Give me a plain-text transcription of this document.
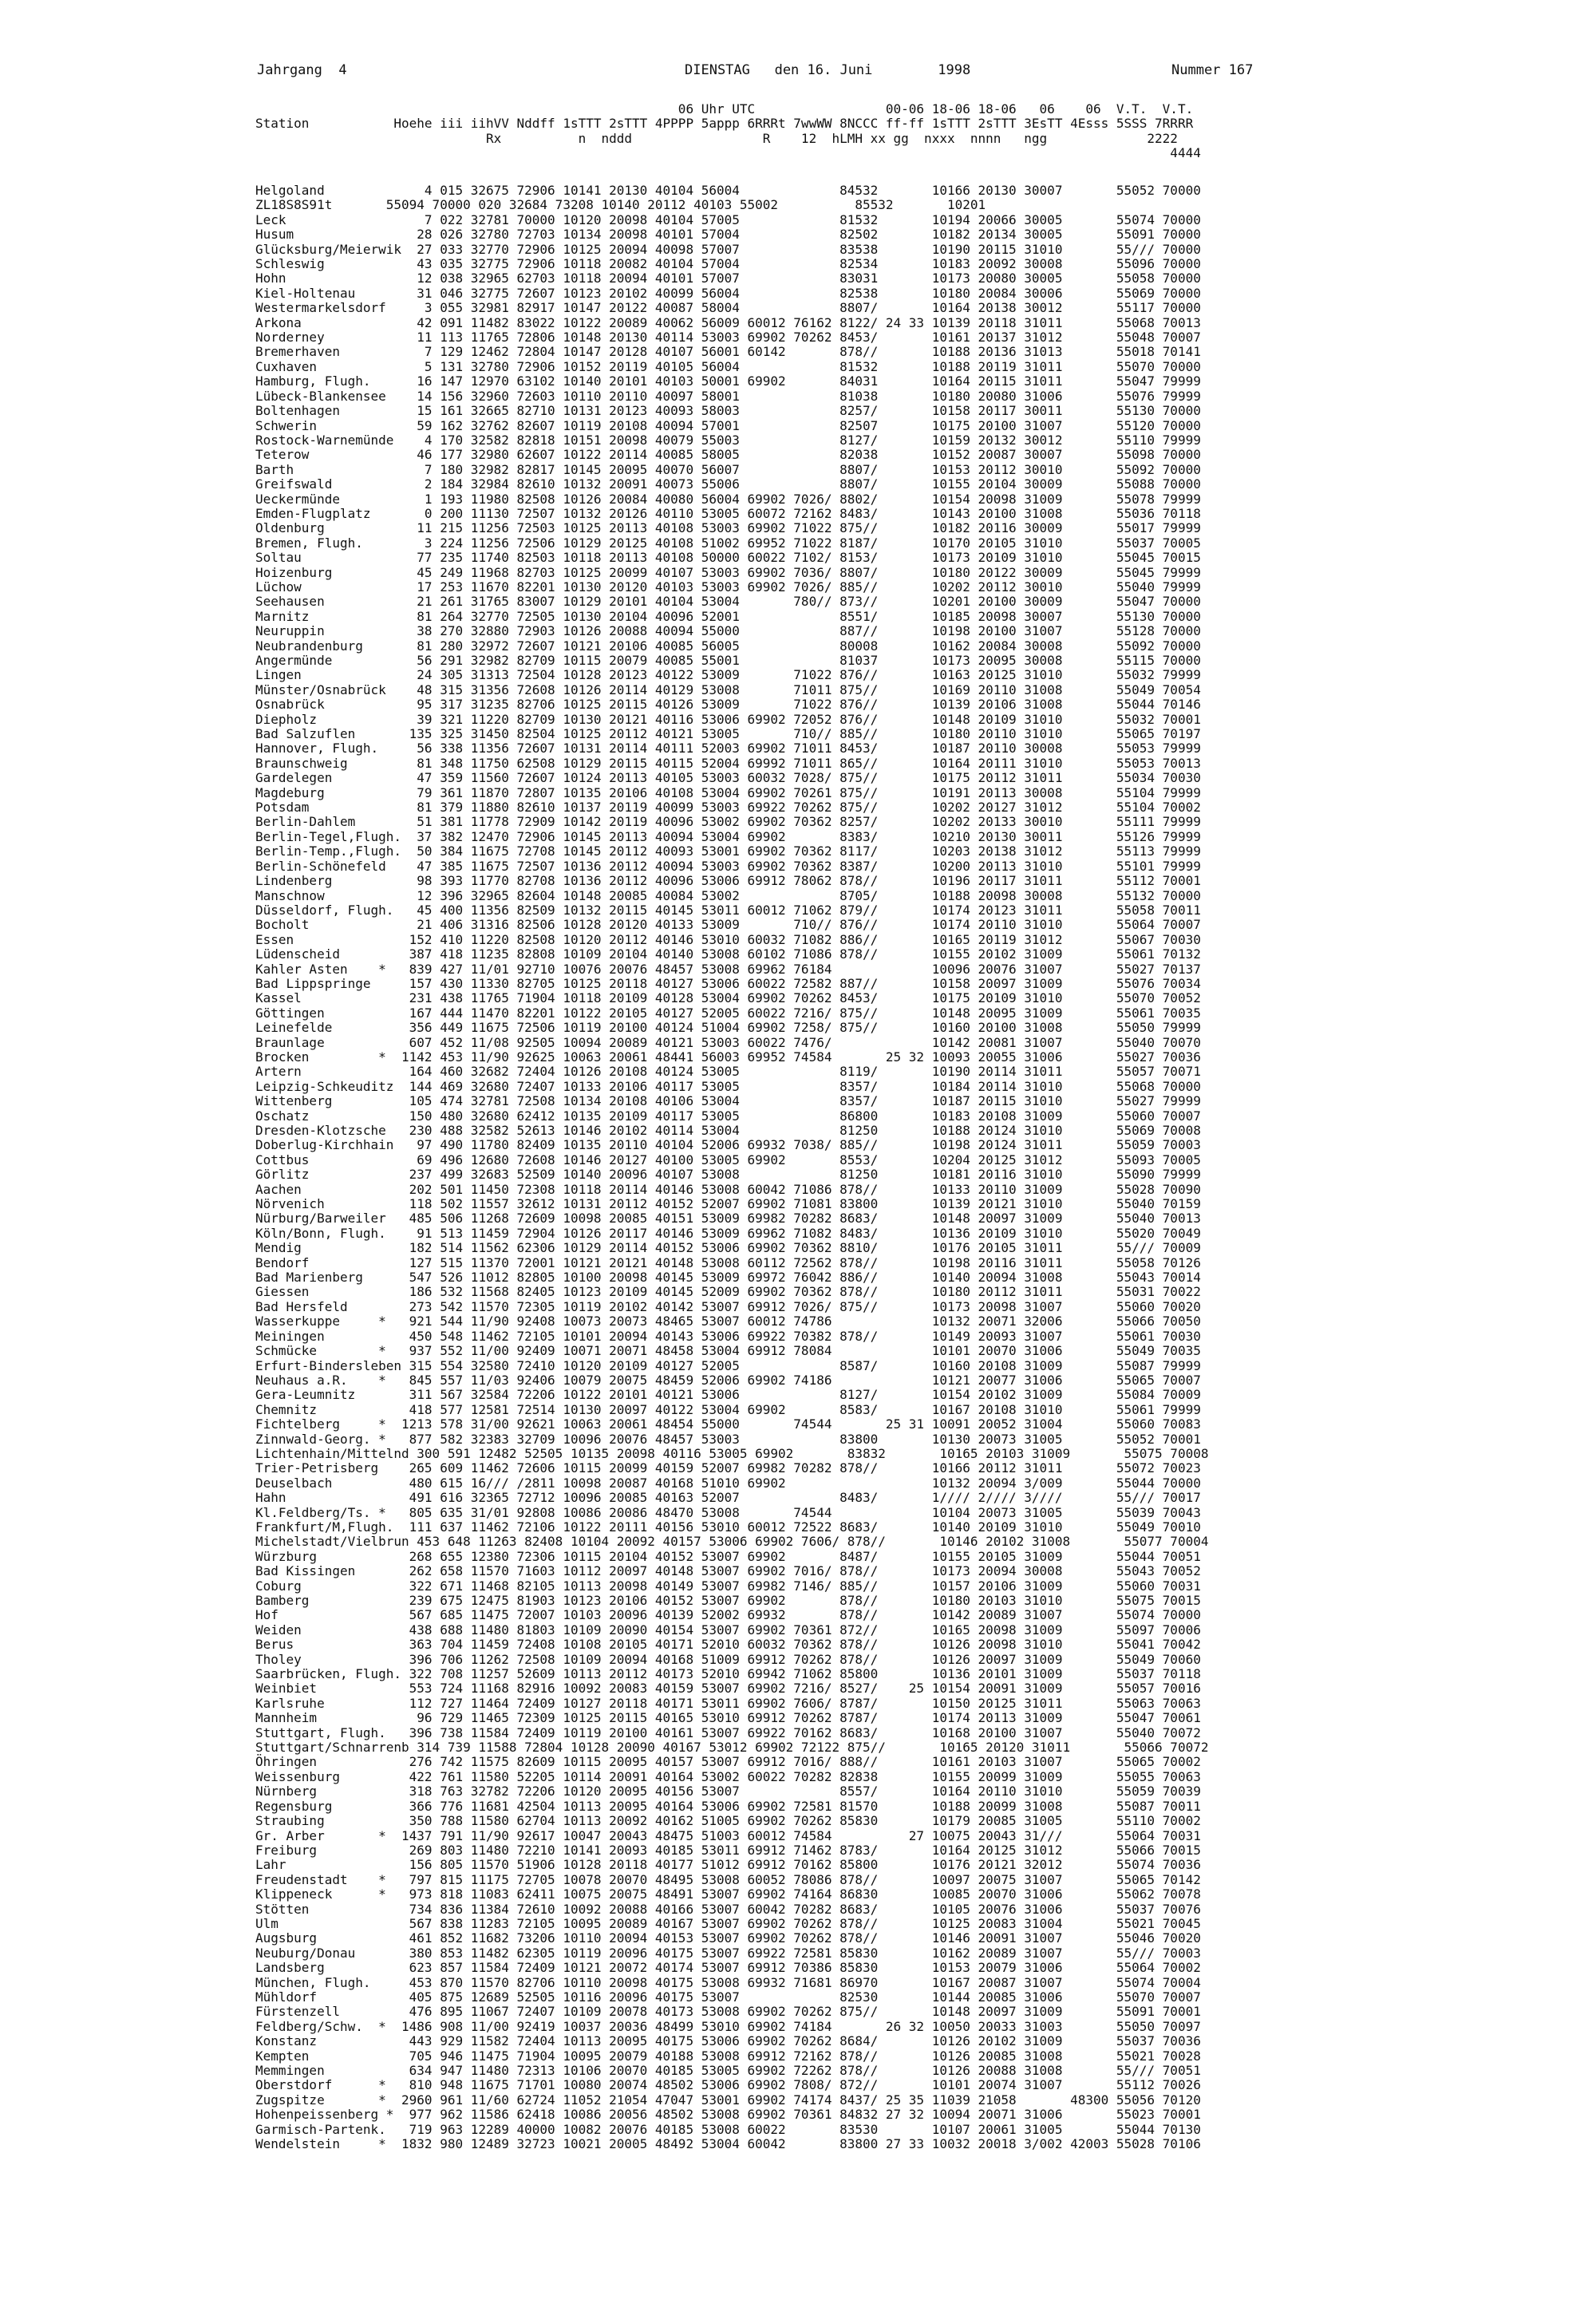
Jahrgang  4	DIENSTAG   den 16. Juni        1998	Nummer 167
06 Uhr UTC                 00-06 18-06 18-06   06    06  V.T.  V.T.
Station           Hoehe iii iihVV Nddff 1sTTT 2sTTT 4PPPP 5appp 6RRRt 7wwWW 8NCCC ff-ff 1sTTT 2sTTT 3EsTT 4Esss 5SSS 7RRRR
Rx          n  nddd                 R    12  hLMH xx gg  nxxx  nnnn   ngg             2222
4444
Helgoland             4 015 32675 72906 10141 20130 40104 56004             84532       10166 20130 30007       55052 70000
ZL18S8S91t       55094 70000 020 32684 73208 10140 20112 40103 55002          85532       10201
Leck                  7 022 32781 70000 10120 20098 40104 57005             81532       10194 20066 30005       55074 70000
Husum                28 026 32780 72703 10134 20098 40101 57004             82502       10182 20134 30005       55091 70000
Glücksburg/Meierwik  27 033 32770 72906 10125 20094 40098 57007             83538       10190 20115 31010       55/// 70000
Schleswig            43 035 32775 72906 10118 20082 40104 57004             82534       10183 20092 30008       55096 70000
Hohn                 12 038 32965 62703 10118 20094 40101 57007             83031       10173 20080 30005       55058 70000
Kiel-Holtenau        31 046 32775 72607 10123 20102 40099 56004             82538       10180 20084 30006       55069 70000
Westermarkelsdorf     3 055 32981 82917 10147 20122 40087 58004             8807/       10164 20138 30012       55117 70000
Arkona               42 091 11482 83022 10122 20089 40062 56009 60012 76162 8122/ 24 33 10139 20118 31011       55068 70013
Norderney            11 113 11765 72806 10148 20130 40114 53003 69902 70262 8453/       10161 20137 31012       55048 70007
Bremerhaven           7 129 12462 72804 10147 20128 40107 56001 60142       878//       10188 20136 31013       55018 70141
Cuxhaven              5 131 32780 72906 10152 20119 40105 56004             81532       10188 20119 31011       55070 70000
Hamburg, Flugh.      16 147 12970 63102 10140 20101 40103 50001 69902       84031       10164 20115 31011       55047 79999
Lübeck-Blankensee    14 156 32960 72603 10110 20110 40097 58001             81038       10180 20080 31006       55076 79999
Boltenhagen          15 161 32665 82710 10131 20123 40093 58003             8257/       10158 20117 30011       55130 70000
Schwerin             59 162 32762 82607 10119 20108 40094 57001             82507       10175 20100 31007       55120 70000
Rostock-Warnemünde    4 170 32582 82818 10151 20098 40079 55003             8127/       10159 20132 30012       55110 79999
Teterow              46 177 32980 62607 10122 20114 40085 58005             82038       10152 20087 30007       55098 70000
Barth                 7 180 32982 82817 10145 20095 40070 56007             8807/       10153 20112 30010       55092 70000
Greifswald            2 184 32984 82610 10132 20091 40073 55006             8807/       10155 20104 30009       55088 70000
Ueckermünde           1 193 11980 82508 10126 20084 40080 56004 69902 7026/ 8802/       10154 20098 31009       55078 79999
Emden-Flugplatz       0 200 11130 72507 10132 20126 40110 53005 60072 72162 8483/       10143 20100 31008       55036 70118
Oldenburg            11 215 11256 72503 10125 20113 40108 53003 69902 71022 875//       10182 20116 30009       55017 79999
Bremen, Flugh.        3 224 11256 72506 10129 20125 40108 51002 69952 71022 8187/       10170 20105 31010       55037 70005
Soltau               77 235 11740 82503 10118 20113 40108 50000 60022 7102/ 8153/       10173 20109 31010       55045 70015
Hoizenburg           45 249 11968 82703 10125 20099 40107 53003 69902 7036/ 8807/       10180 20122 30009       55045 79999
Lüchow               17 253 11670 82201 10130 20120 40103 53003 69902 7026/ 885//       10202 20112 30010       55040 79999
Seehausen            21 261 31765 83007 10129 20101 40104 53004       780// 873//       10201 20100 30009       55047 70000
Marnitz              81 264 32770 72505 10130 20104 40096 52001             8551/       10185 20098 30007       55130 70000
Neuruppin            38 270 32880 72903 10126 20088 40094 55000             887//       10198 20100 31007       55128 70000
Neubrandenburg       81 280 32972 72607 10121 20106 40085 56005             80008       10162 20084 30008       55092 70000
Angermünde           56 291 32982 82709 10115 20079 40085 55001             81037       10173 20095 30008       55115 70000
Lingen               24 305 31313 72504 10128 20123 40122 53009       71022 876//       10163 20125 31010       55032 79999
Münster/Osnabrück    48 315 31356 72608 10126 20114 40129 53008       71011 875//       10169 20110 31008       55049 70054
Osnabrück            95 317 31235 82706 10125 20115 40126 53009       71022 876//       10139 20106 31008       55044 70146
Diepholz             39 321 11220 82709 10130 20121 40116 53006 69902 72052 876//       10148 20109 31010       55032 70001
Bad Salzuflen       135 325 31450 82504 10125 20112 40121 53005       710// 885//       10180 20110 31010       55065 70197
Hannover, Flugh.     56 338 11356 72607 10131 20114 40111 52003 69902 71011 8453/       10187 20110 30008       55053 79999
Braunschweig         81 348 11750 62508 10129 20115 40115 52004 69992 71011 865//       10164 20111 31010       55053 70013
Gardelegen           47 359 11560 72607 10124 20113 40105 53003 60032 7028/ 875//       10175 20112 31011       55034 70030
Magdeburg            79 361 11870 72807 10135 20106 40108 53004 69902 70261 875//       10191 20113 30008       55104 79999
Potsdam              81 379 11880 82610 10137 20119 40099 53003 69922 70262 875//       10202 20127 31012       55104 70002
Berlin-Dahlem        51 381 11778 72909 10142 20119 40096 53002 69902 70362 8257/       10202 20133 30010       55111 79999
Berlin-Tegel,Flugh.  37 382 12470 72906 10145 20113 40094 53004 69902       8383/       10210 20130 30011       55126 79999
Berlin-Temp.,Flugh.  50 384 11675 72708 10145 20112 40093 53001 69902 70362 8117/       10203 20138 31012       55113 79999
Berlin-Schönefeld    47 385 11675 72507 10136 20112 40094 53003 69902 70362 8387/       10200 20113 31010       55101 79999
Lindenberg           98 393 11770 82708 10136 20112 40096 53006 69912 78062 878//       10196 20117 31011       55112 70001
Manschnow            12 396 32965 82604 10148 20085 40084 53002             8705/       10188 20098 30008       55132 70000
Düsseldorf, Flugh.   45 400 11356 82509 10132 20115 40145 53011 60012 71062 879//       10174 20123 31011       55058 70011
Bocholt              21 406 31316 82506 10128 20120 40133 53009       710// 876//       10174 20110 31010       55064 70007
Essen               152 410 11220 82508 10120 20112 40146 53010 60032 71082 886//       10165 20119 31012       55067 70030
Lüdenscheid         387 418 11235 82808 10109 20104 40140 53008 60102 71086 878//       10155 20102 31009       55061 70132
Kahler Asten    *   839 427 11/01 92710 10076 20076 48457 53008 69962 76184             10096 20076 31007       55027 70137
Bad Lippspringe     157 430 11330 82705 10125 20118 40127 53006 60022 72582 887//       10158 20097 31009       55076 70034
Kassel              231 438 11765 71904 10118 20109 40128 53004 69902 70262 8453/       10175 20109 31010       55070 70052
Göttingen           167 444 11470 82201 10122 20105 40127 52005 60022 7216/ 875//       10148 20095 31009       55061 70035
Leinefelde          356 449 11675 72506 10119 20100 40124 51004 69902 7258/ 875//       10160 20100 31008       55050 79999
Braunlage           607 452 11/08 92505 10094 20089 40121 53003 60022 7476/             10142 20081 31007       55040 70070
Brocken         *  1142 453 11/90 92625 10063 20061 48441 56003 69952 74584       25 32 10093 20055 31006       55027 70036
Artern              164 460 32682 72404 10126 20108 40124 53005             8119/       10190 20114 31011       55057 70071
Leipzig-Schkeuditz  144 469 32680 72407 10133 20106 40117 53005             8357/       10184 20114 31010       55068 70000
Wittenberg          105 474 32781 72508 10134 20108 40106 53004             8357/       10187 20115 31010       55027 79999
Oschatz             150 480 32680 62412 10135 20109 40117 53005             86800       10183 20108 31009       55060 70007
Dresden-Klotzsche   230 488 32582 52613 10146 20102 40114 53004             81250       10188 20124 31010       55069 70008
Doberlug-Kirchhain   97 490 11780 82409 10135 20110 40104 52006 69932 7038/ 885//       10198 20124 31011       55059 70003
Cottbus              69 496 12680 72608 10146 20127 40100 53005 69902       8553/       10204 20125 31012       55093 70005
Görlitz             237 499 32683 52509 10140 20096 40107 53008             81250       10181 20116 31010       55090 79999
Aachen              202 501 11450 72308 10118 20114 40146 53008 60042 71086 878//       10133 20110 31009       55028 70090
Nörvenich           118 502 11557 32612 10131 20112 40152 52007 69902 71081 83800       10139 20121 31010       55040 70159
Nürburg/Barweiler   485 506 11268 72609 10098 20085 40151 53009 69982 70282 8683/       10148 20097 31009       55040 70013
Köln/Bonn, Flugh.    91 513 11459 72904 10126 20117 40146 53009 69962 71082 8483/       10136 20109 31010       55020 70049
Mendig              182 514 11562 62306 10129 20114 40152 53006 69902 70362 8810/       10176 20105 31011       55/// 70009
Bendorf             127 515 11370 72001 10121 20121 40148 53008 60112 72562 878//       10198 20116 31011       55058 70126
Bad Marienberg      547 526 11012 82805 10100 20098 40145 53009 69972 76042 886//       10140 20094 31008       55043 70014
Giessen             186 532 11568 82405 10123 20109 40145 52009 69902 70362 878//       10180 20112 31011       55031 70022
Bad Hersfeld        273 542 11570 72305 10119 20102 40142 53007 69912 7026/ 875//       10173 20098 31007       55060 70020
Wasserkuppe     *   921 544 11/90 92408 10073 20073 48465 53007 60012 74786             10132 20071 32006       55066 70050
Meiningen           450 548 11462 72105 10101 20094 40143 53006 69922 70382 878//       10149 20093 31007       55061 70030
Schmücke        *   937 552 11/00 92409 10071 20071 48458 53004 69912 78084             10101 20070 31006       55049 70035
Erfurt-Bindersleben 315 554 32580 72410 10120 20109 40127 52005             8587/       10160 20108 31009       55087 79999
Neuhaus a.R.    *   845 557 11/03 92406 10079 20075 48459 52006 69902 74186             10121 20077 31006       55065 70007
Gera-Leumnitz       311 567 32584 72206 10122 20101 40121 53006             8127/       10154 20102 31009       55084 70009
Chemnitz            418 577 12581 72514 10130 20097 40122 53004 69902       8583/       10167 20108 31010       55061 79999
Fichtelberg     *  1213 578 31/00 92621 10063 20061 48454 55000       74544       25 31 10091 20052 31004       55060 70083
Zinnwald-Georg. *   877 582 32383 32709 10096 20076 48457 53003             83800       10130 20073 31005       55052 70001
Lichtenhain/Mittelnd 300 591 12482 52505 10135 20098 40116 53005 69902       83832       10165 20103 31009       55075 70008
Trier-Petrisberg    265 609 11462 72606 10115 20099 40159 52007 69982 70282 878//       10166 20112 31011       55072 70023
Deuselbach          480 615 16/// /2811 10098 20087 40168 51010 69902                   10132 20094 3/009       55044 70000
Hahn                491 616 32365 72712 10096 20085 40163 52007             8483/       1//// 2//// 3////       55/// 70017
Kl.Feldberg/Ts. *   805 635 31/01 92808 10086 20086 48470 53008       74544             10104 20073 31005       55039 70043
Frankfurt/M,Flugh.  111 637 11462 72106 10122 20111 40156 53010 60012 72522 8683/       10140 20109 31010       55049 70010
Michelstadt/Vielbrun 453 648 11263 82408 10104 20092 40157 53006 69902 7606/ 878//       10146 20102 31008       55077 70004
Würzburg            268 655 12380 72306 10115 20104 40152 53007 69902       8487/       10155 20105 31009       55044 70051
Bad Kissingen       262 658 11570 71603 10112 20097 40148 53007 69902 7016/ 878//       10173 20094 30008       55043 70052
Coburg              322 671 11468 82105 10113 20098 40149 53007 69982 7146/ 885//       10157 20106 31009       55060 70031
Bamberg             239 675 12475 81903 10123 20106 40152 53007 69902       878//       10180 20103 31010       55075 70015
Hof                 567 685 11475 72007 10103 20096 40139 52002 69932       878//       10142 20089 31007       55074 70000
Weiden              438 688 11480 81803 10109 20090 40154 53007 69902 70361 872//       10165 20098 31009       55097 70006
Berus               363 704 11459 72408 10108 20105 40171 52010 60032 70362 878//       10126 20098 31010       55041 70042
Tholey              396 706 11262 72508 10109 20094 40168 51009 69912 70262 878//       10126 20097 31009       55049 70060
Saarbrücken, Flugh. 322 708 11257 52609 10113 20112 40173 52010 69942 71062 85800       10136 20101 31009       55037 70118
Weinbiet            553 724 11168 82916 10092 20083 40159 53007 69902 7216/ 8527/    25 10154 20091 31009       55057 70016
Karlsruhe           112 727 11464 72409 10127 20118 40171 53011 69902 7606/ 8787/       10150 20125 31011       55063 70063
Mannheim             96 729 11465 72309 10125 20115 40165 53010 69912 70262 8787/       10174 20113 31009       55047 70061
Stuttgart, Flugh.   396 738 11584 72409 10119 20100 40161 53007 69922 70162 8683/       10168 20100 31007       55040 70072
Stuttgart/Schnarrenb 314 739 11588 72804 10128 20090 40167 53012 69902 72122 875//       10165 20120 31011       55066 70072
Öhringen            276 742 11575 82609 10115 20095 40157 53007 69912 7016/ 888//       10161 20103 31007       55065 70002
Weissenburg         422 761 11580 52205 10114 20091 40164 53002 60022 70282 82838       10155 20099 31009       55055 70063
Nürnberg            318 763 32782 72206 10120 20095 40156 53007             8557/       10164 20110 31010       55059 70039
Regensburg          366 776 11681 42504 10113 20095 40164 53006 69902 72581 81570       10188 20099 31008       55087 70011
Straubing           350 788 11580 62704 10113 20092 40162 51005 69902 70262 85830       10179 20085 31005       55110 70002
Gr. Arber       *  1437 791 11/90 92617 10047 20043 48475 51003 60012 74584          27 10075 20043 31///       55064 70031
Freiburg            269 803 11480 72210 10141 20093 40185 53011 69912 71462 8783/       10164 20125 31012       55066 70015
Lahr                156 805 11570 51906 10128 20118 40177 51012 69912 70162 85800       10176 20121 32012       55074 70036
Freudenstadt    *   797 815 11175 72705 10078 20070 48495 53008 60052 78086 878//       10097 20075 31007       55065 70142
Klippeneck      *   973 818 11083 62411 10075 20075 48491 53007 69902 74164 86830       10085 20070 31006       55062 70078
Stötten             734 836 11384 72610 10092 20088 40166 53007 60042 70282 8683/       10105 20076 31006       55037 70076
Ulm                 567 838 11283 72105 10095 20089 40167 53007 69902 70262 878//       10125 20083 31004       55021 70045
Augsburg            461 852 11682 73206 10110 20094 40153 53007 69902 70262 878//       10146 20091 31007       55046 70020
Neuburg/Donau       380 853 11482 62305 10119 20096 40175 53007 69922 72581 85830       10162 20089 31007       55/// 70003
Landsberg           623 857 11584 72409 10121 20072 40174 53007 69912 70386 85830       10153 20079 31006       55064 70002
München, Flugh.     453 870 11570 82706 10110 20098 40175 53008 69932 71681 86970       10167 20087 31007       55074 70004
Mühldorf            405 875 12689 52505 10116 20096 40175 53007             82530       10144 20085 31006       55070 70007
Fürstenzell         476 895 11067 72407 10109 20078 40173 53008 69902 70262 875//       10148 20097 31009       55091 70001
Feldberg/Schw.  *  1486 908 11/00 92419 10037 20036 48499 53010 69902 74184       26 32 10050 20033 31003       55050 70097
Konstanz            443 929 11582 72404 10113 20095 40175 53006 69902 70262 8684/       10126 20102 31009       55037 70036
Kempten             705 946 11475 71904 10095 20079 40188 53008 69912 72162 878//       10126 20085 31008       55021 70028
Memmingen           634 947 11480 72313 10106 20070 40185 53005 69902 72262 878//       10126 20088 31008       55/// 70051
Oberstdorf      *   810 948 11675 71701 10080 20074 48502 53006 69902 7808/ 872//       10101 20074 31007       55112 70026
Zugspitze       *  2960 961 11/60 62724 11052 21054 47047 53001 69902 74174 8437/ 25 35 11039 21058       48300 55056 70120
Hohenpeissenberg *  977 962 11586 62418 10086 20056 48502 53008 69902 70361 84832 27 32 10094 20071 31006       55023 70001
Garmisch-Partenk.   719 963 12289 40000 10082 20076 40185 53008 60022       83530       10107 20061 31005       55044 70130
Wendelstein     *  1832 980 12489 32723 10021 20005 48492 53004 60042       83800 27 33 10032 20018 3/002 42003 55028 70106
